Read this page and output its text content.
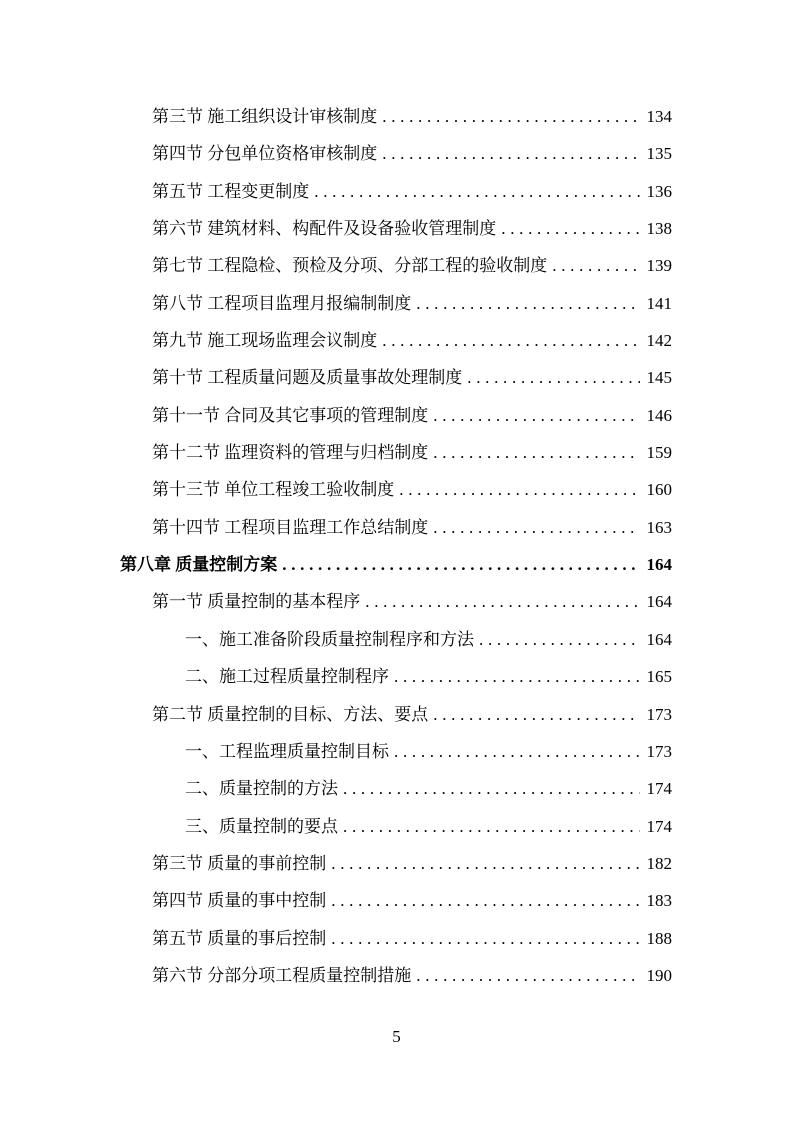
第三节 施工组织设计审核制度 .....	134
第四节 分包单位资格审核制度 .....	135
第五节 工程变更制度 .....	136
第六节 建筑材料、构配件及设备验收管理制度 .....	138
第七节 工程隐检、预检及分项、分部工程的验收制度 .....	139
第八节 工程项目监理月报编制制度 .....	141
第九节 施工现场监理会议制度 .....	142
第十节 工程质量问题及质量事故处理制度 .....	145
第十一节 合同及其它事项的管理制度 .....	146
第十二节 监理资料的管理与归档制度 .....	159
第十三节 单位工程竣工验收制度 .....	160
第十四节 工程项目监理工作总结制度 .....	163
第八章 质量控制方案 .....	164
第一节 质量控制的基本程序 .....	164
一、施工准备阶段质量控制程序和方法 .....	164
二、施工过程质量控制程序 .....	165
第二节 质量控制的目标、方法、要点 .....	173
一、工程监理质量控制目标 .....	173
二、质量控制的方法 .....	174
三、质量控制的要点 .....	174
第三节 质量的事前控制 .....	182
第四节 质量的事中控制 .....	183
第五节 质量的事后控制 .....	188
第六节 分部分项工程质量控制措施 .....	190
5
